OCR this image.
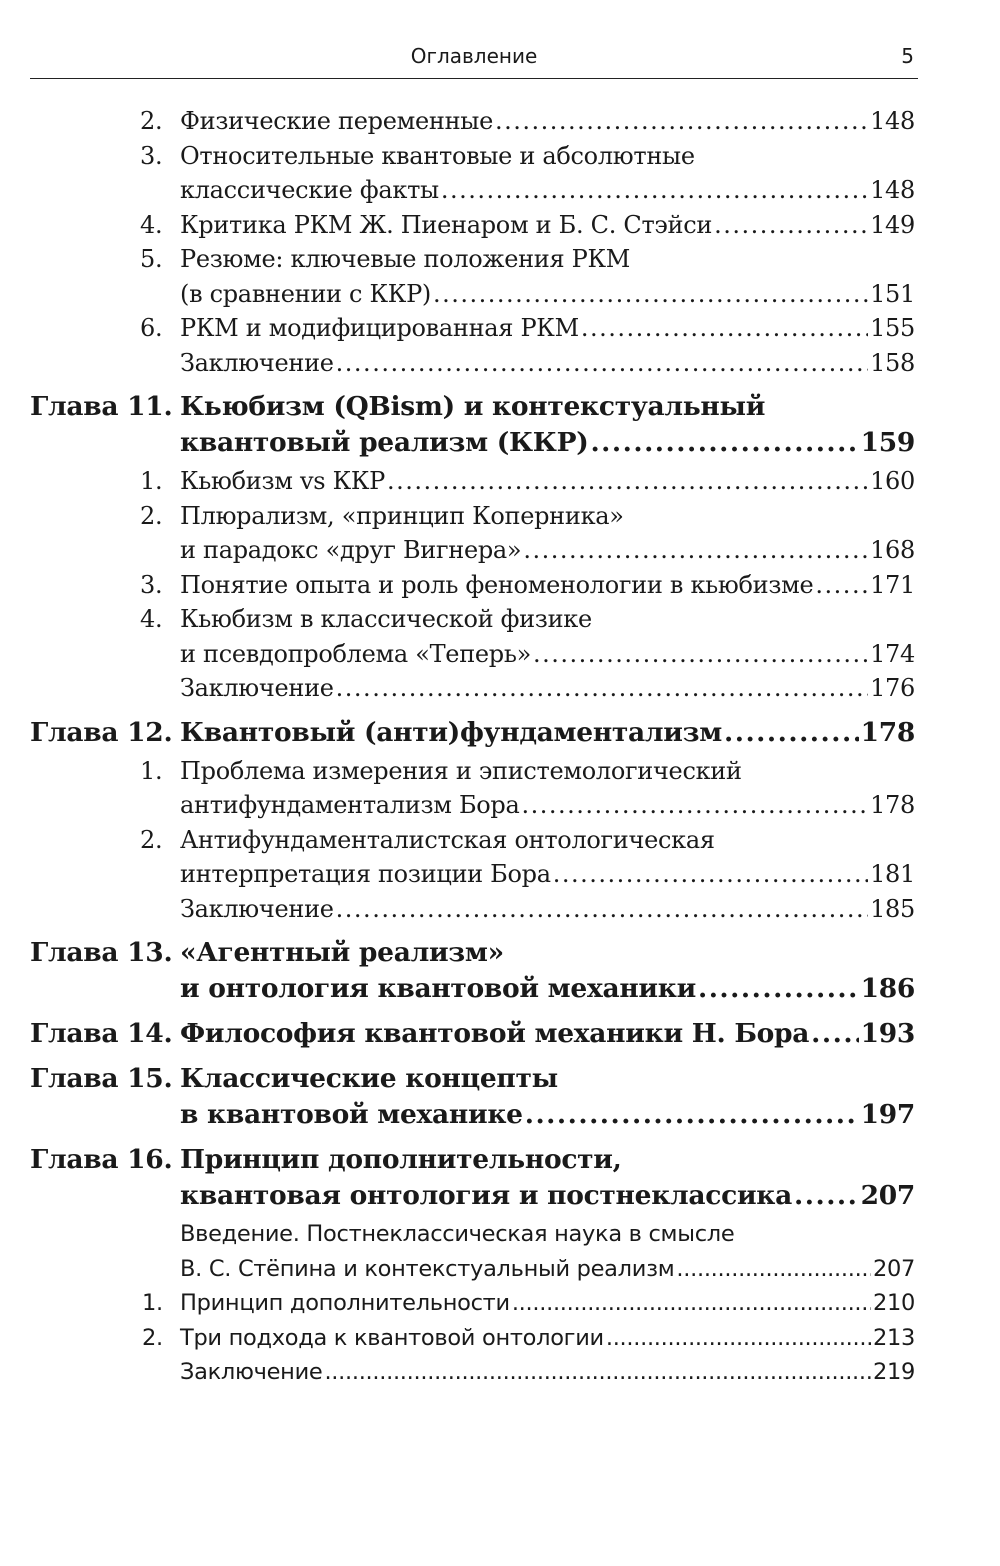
Оглавление	5
2. Физические переменные .....	148
3. Относительные квантовые и абсолютные
классические факты .....	148
4. Критика РКМ Ж. Пиенаром и Б. С. Стэйси .....	149
5. Резюме: ключевые положения РКМ
(в сравнении с ККР) .....	151
6. РКМ и модифицированная РКМ .....	155
Заключение .....	158
Глава 11. Кьюбизм (QBism) и контекстуальный
квантовый реализм (ККР) .....	159
1. Кьюбизм vs ККР .....	160
2. Плюрализм, «принцип Коперника»
и парадокс «друг Вигнера» .....	168
3. Понятие опыта и роль феноменологии в кьюбизме ..... 171
4. Кьюбизм в классической физике
и псевдопроблема «Теперь» .....	174
Заключение .....	176
Глава 12. Квантовый (анти)фундаментализм .....	178
1. Проблема измерения и эпистемологический
антифундаментализм Бора .....	178
2. Антифундаменталистская онтологическая
интерпретация позиции Бора .....	181
Заключение .....	185
Глава 13. «Агентный реализм»
и онтология квантовой механики .....	186
Глава 14. Философия квантовой механики Н. Бора ..... 193
Глава 15. Классические концепты
в квантовой механике .....	197
Глава 16. Принцип дополнительности,
квантовая онтология и постнеклассика .....	207
Введение. Постнеклассическая наука в смысле
В. С. Стёпина и контекстуальный реализм .....	207
1. Принцип дополнительности .....	210
2. Три подхода к квантовой онтологии .....	213
Заключение .....	219
